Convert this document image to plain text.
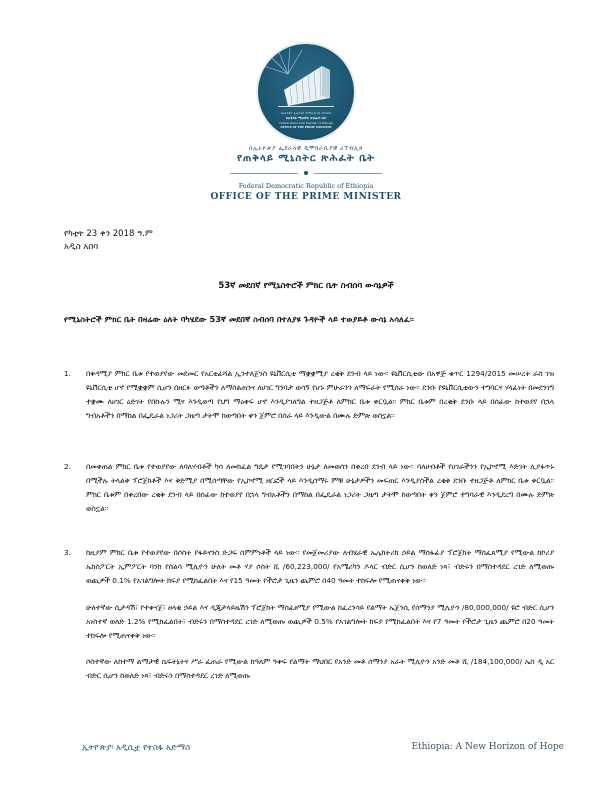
በኢትዮጵያ ፌደራላዊ ዲሞክራሲያዊ ሪፐብሊክ
የጠቅላይ ሚኒስትር ጽሕፈት ቤት
Federal Democratic Republic of Ethiopia
OFFICE OF THE PRIME MINISTER
በኢትዮጵያ ፌደራላዊ ዲሞክራሲያዊ ሪፐብሊክ
የጠቅላይ ሚኒስትር ጽሕፈት ቤት
Federal Democratic Republic of Ethiopia
OFFICE OF THE PRIME MINISTER
የካቲት 23 ቀን 2018 ዓ.ም
አዲስ አበባ
53ኛ መደበኛ የሚኒስትሮች ምክር ቤት ስብሰባ ውሳኔዎች
የሚኒስትሮች ምክር ቤት በዛሬው ዕለት ባካሄደው 53ኛ መደበኛ ስብሰባ በተለያዩ ጉዳዮች ላይ ተወያይቶ ውሳኔ አሳለፈ፡፡
1.	በቀዳሚያ ምክር ቤቱ የተወያየው መደመር የአርቲፊሻል ኢንተለጀንስ ዩኒቨርሲቲ ማቋቋሚያ ረቂቅ ደንብ ላይ ነው፡፡ ዩኒቨርሲቲው በአዋጅ ቁጥር 1294/2015 መሠረት ራስ ገዝ ዩኒቨርሲቲ ሆኖ የሚቋቋም ሲሆን በዘርፉ ወጣቶችን ለማሰልጠንና ለሀገር ግንባታ ወሳኝ የሆኑ ምሁራንን ለማፍራት የሚሰራ ነው፡፡ ደንቡ የዩኒቨርሲቲውን ተግባርና ሃላፊነት በመደንገግ ተቋሙ ለሀገር ዕድገት የበኩሉን ሚና እንዲወጣ የህግ ማዕቀፍ ሆኖ እንዲያገለግል ተዘጋጅቶ ለምክር ቤቱ ቀርቧል፡፡ ምክር ቤቱም በረቂቅ ደንቡ ላይ በሰፊው ከተወያየ በኋላ ግብአቶችን በማከል በፌዴራል ነጋሪት ጋዜጣ ታትሞ ከወጣበት ቀን ጀምሮ በስራ ላይ እንዲውል በሙሉ ድምጽ ወስኗል፡፡

2.	በመቀጠል ምክር ቤቱ የተወያየው ለባለሃብቶች ካሳ ለመክፈል ግዴታ የሚገባበትን ሁኔታ ለመወሰን በቀረበ ደንብ ላይ ነው፡፡ ባለሀብቶች የሀገራችንን የኢኮኖሚ እድገት ሊያፋጥኑ በሚችሉ ትላልቅ ፕሮጀክቶች እና ቅድሚያ በሚሰጣቸው የኢኮኖሚ ዘርፎች ላይ እንዲሰማሩ ምቹ ሁኔታዎችን መፍጠር እንዲያስችል ረቂቅ ደንቡ ተዘጋጅቶ ለምክር ቤቱ ቀርቧል፡፡ ምክር ቤቱም በቀረበው ረቂቅ ደንብ ላይ በሰፊው ከተወያየ በኋላ ግብአቶችን በማከል በፌዴራል ነጋሪት ጋዜጣ ታትሞ ከወጣበት ቀን ጀምሮ ተግባራዊ እንዲደረግ በሙሉ ድምጽ ወስኗል፡፡

3.	ከዚያም ምክር ቤቱ የተወያየው በሶስት የፋይናንስ ድጋፍ ስምምነቶች ላይ ነው፡፡ የመጀመሪያው ለብሄራዊ ኤሌክትሪክ ኃይል ማስፋፊያ ፕሮጀክት ማስፈጸሚያ የሚውል ከኮሪያ ኤክስፖርት ኢምፖርት ባንክ የስልሳ ሚሊዮን ሁለት መቶ ሃያ ሶስት ሺ /60,223,000/ የአሜሪካን ዶላር ብድር ሲሆን ከወለድ ነጻ፣ ብድሩን በማስተዳደር ረገድ ለሚወጡ ወጪዎች 0.1% የአገልግሎት ክፍያ የሚከፈልበት እና የ15 ዓመት የችሮታ ጊዜን ጨምሮ በ40 ዓመት ተከፍሎ የሚጠናቀቅ ነው፡፡

ሁለተኛው ሲታዳሽ፣ የተቀናጀ፣ ዘላቂ ኃይል እና ዲጂታላይዜሽን ፕሮጀክት ማስፈፀሚያ የሚውል ከፈረንሳይ የልማት ኤጀንሲ የሰማንያ ሚሊዮን /80,000,000/ ዩሮ ብድር ሲሆን አነስተኛ ወለድ 1.2% የሚከፈልበት፣ ብድሩን በማስተዳደር ረገድ ለሚወጡ ወጪዎች 0.5% የአገልግሎት ክፍያ የሚከፈልበት እና የ7 ዓመት የችሮታ ጊዜን ጨምሮ በ20 ዓመት ተከፍሎ የሚጠናቀቅ ነው፡፡

ሶስተኛው ለከተማ ልማታዊ ሴፍትኔትና ሥራ ፈጠራ የሚውል ከዓለም ዓቀፍ የልማት ማህበር የአንድ መቶ ሰማንያ አራት ሚሊዮን አንድ መቶ ሺ /184,100,000/ ኤስ ዲ አር ብድር ሲሆን ከወለድ ነጻ፣ ብድሩን በማስተዳደር ረገድ ለሚወጡ

ኢትዮጵያ፡ አዲሲቷ የተስፋ አድማስ	Ethiopia: A New Horizon of Hope
